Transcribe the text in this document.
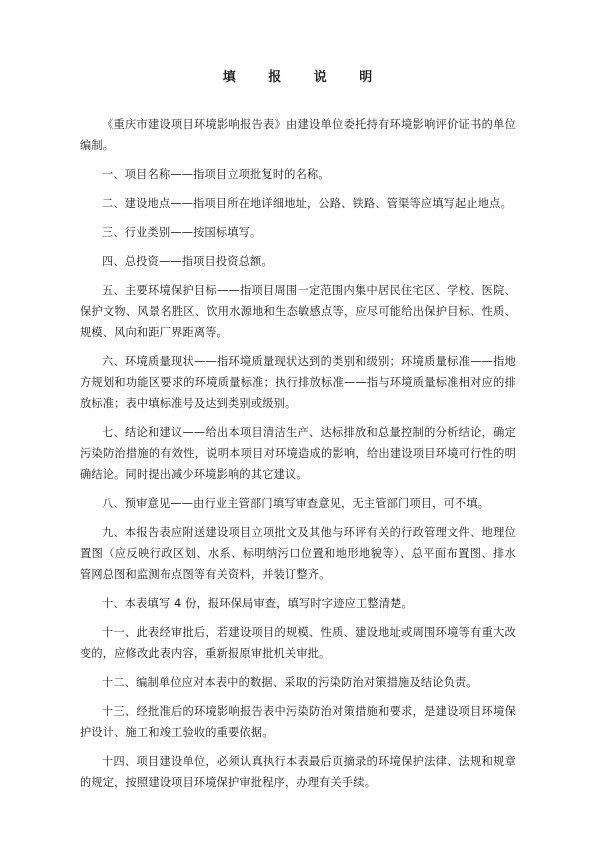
填 报 说 明

《重庆市建设项目环境影响报告表》由建设单位委托持有环境影响评价证书的单位编制。

一、项目名称——指项目立项批复时的名称。

二、建设地点——指项目所在地详细地址，公路、铁路、管渠等应填写起止地点。

三、行业类别——按国标填写。

四、总投资——指项目投资总额。

五、主要环境保护目标——指项目周围一定范围内集中居民住宅区、学校、医院、保护文物、风景名胜区、饮用水源地和生态敏感点等，应尽可能给出保护目标、性质、规模、风向和距厂界距离等。

六、环境质量现状——指环境质量现状达到的类别和级别；环境质量标准——指地方规划和功能区要求的环境质量标准；执行排放标准——指与环境质量标准相对应的排放标准；表中填标准号及达到类别或级别。

七、结论和建议——给出本项目清洁生产、达标排放和总量控制的分析结论，确定污染防治措施的有效性，说明本项目对环境造成的影响，给出建设项目环境可行性的明确结论。同时提出减少环境影响的其它建议。

八、预审意见——由行业主管部门填写审查意见，无主管部门项目，可不填。

九、本报告表应附送建设项目立项批文及其他与环评有关的行政管理文件、地理位置图（应反映行政区划、水系、标明纳污口位置和地形地貌等）、总平面布置图、排水管网总图和监测布点图等有关资料，并装订整齐。

十、本表填写 4 份，报环保局审查，填写时字迹应工整清楚。

十一、此表经审批后，若建设项目的规模、性质、建设地址或周围环境等有重大改变的，应修改此表内容，重新报原审批机关审批。

十二、编制单位应对本表中的数据、采取的污染防治对策措施及结论负责。

十三、经批准后的环境影响报告表中污染防治对策措施和要求，是建设项目环境保护设计、施工和竣工验收的重要依据。

十四、项目建设单位，必须认真执行本表最后页摘录的环境保护法律、法规和规章的规定，按照建设项目环境保护审批程序，办理有关手续。
